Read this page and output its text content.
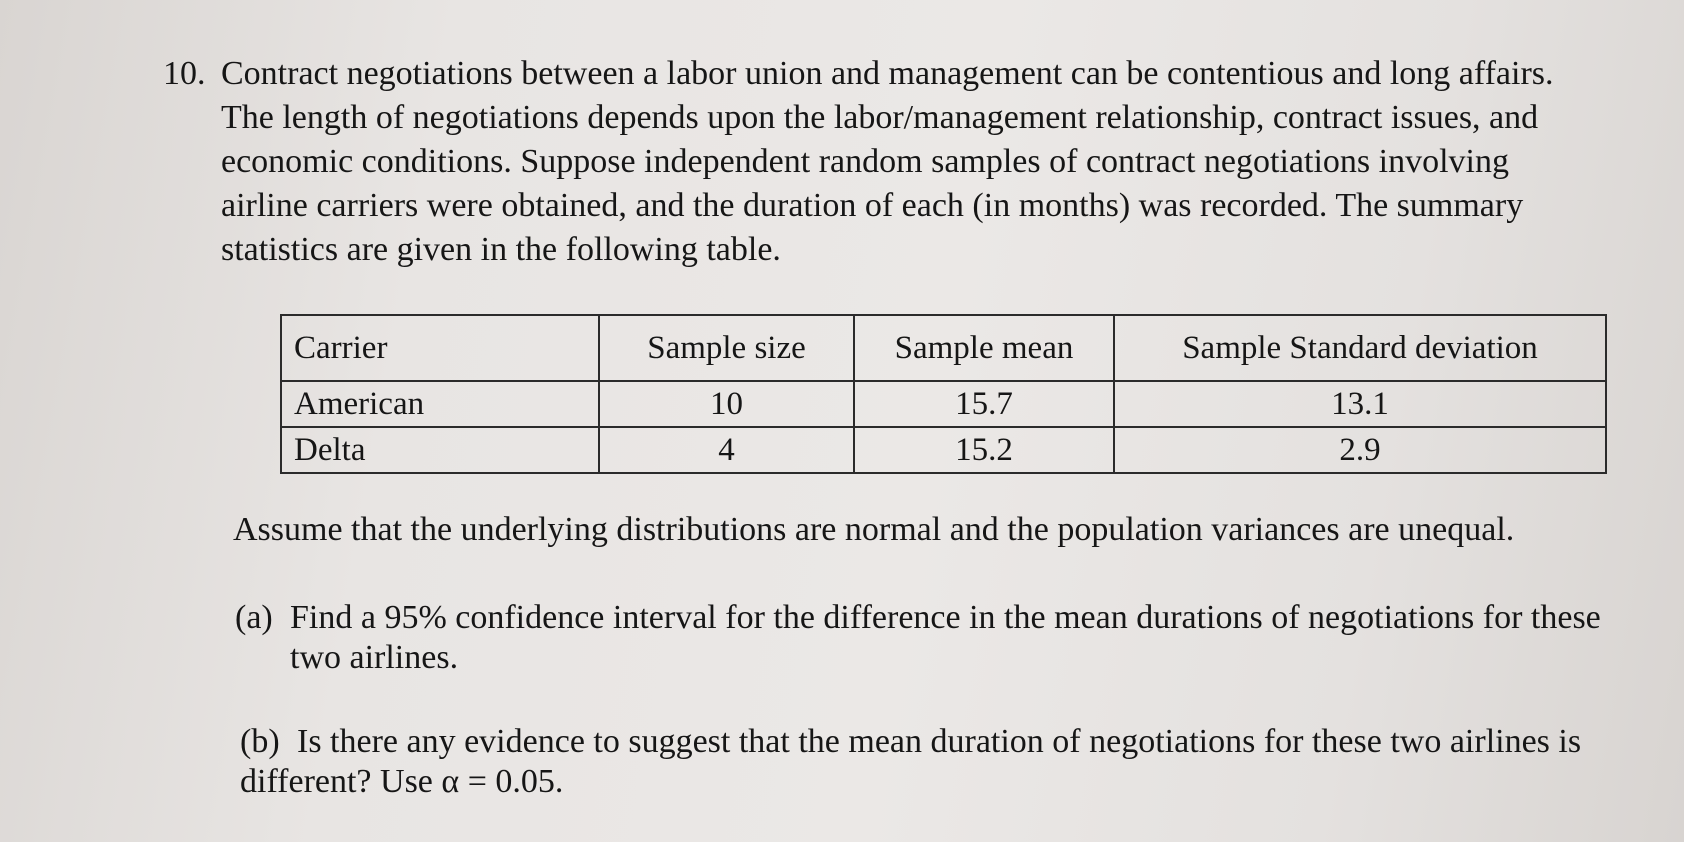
10. Contract negotiations between a labor union and management can be contentious and long affairs. The length of negotiations depends upon the labor/management relationship, contract issues, and economic conditions. Suppose independent random samples of contract negotiations involving airline carriers were obtained, and the duration of each (in months) was recorded. The summary statistics are given in the following table.
Carrier	Sample size	Sample mean	Sample Standard deviation
American	10	15.7	13.1
Delta	4	15.2	2.9
Assume that the underlying distributions are normal and the population variances are unequal.
(a) Find a 95% confidence interval for the difference in the mean durations of negotiations for these two airlines.
(b) Is there any evidence to suggest that the mean duration of negotiations for these two airlines is different? Use α = 0.05.
